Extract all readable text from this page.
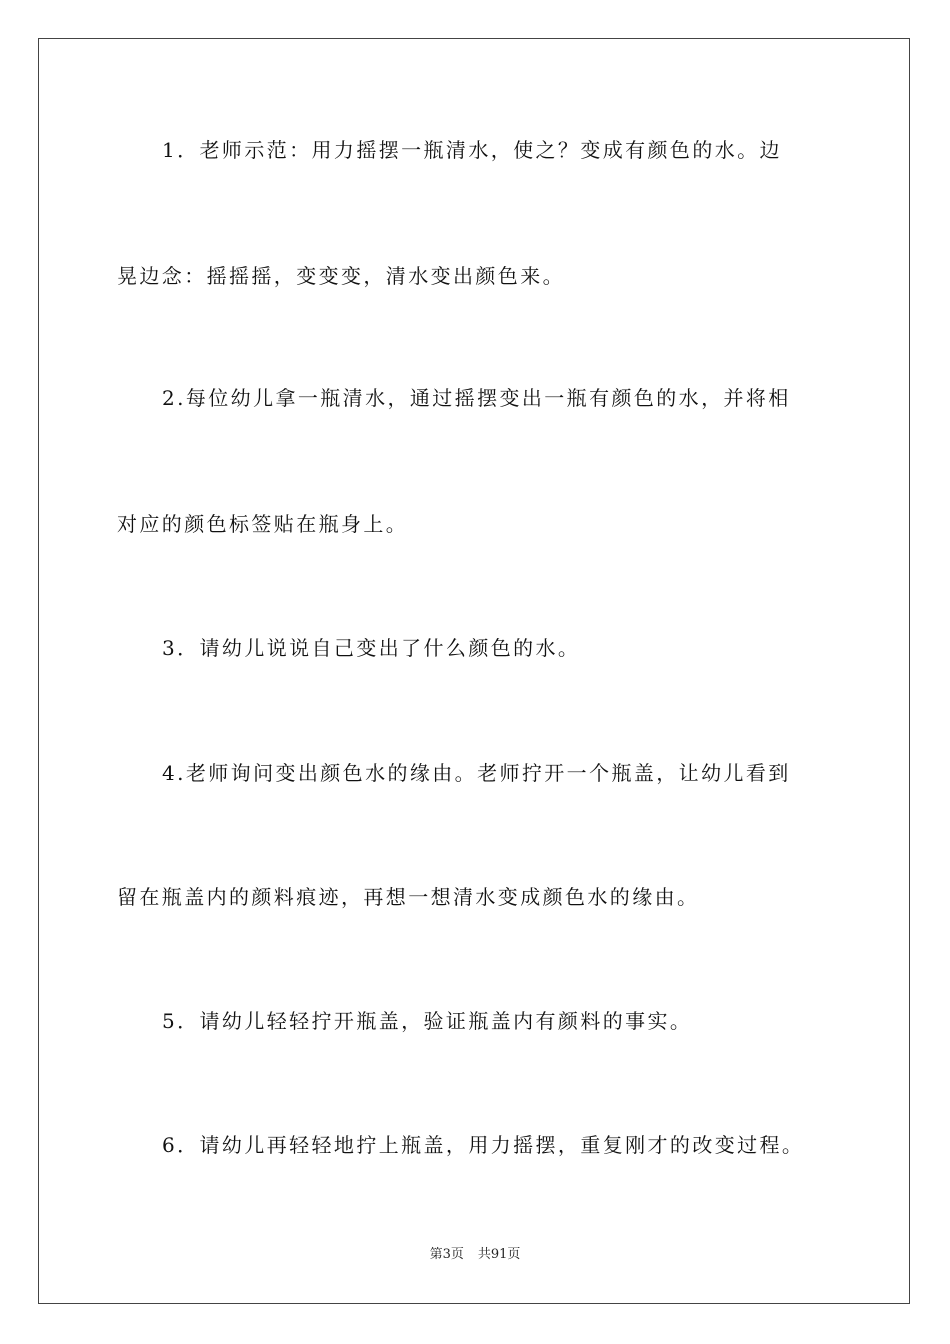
1．老师示范：用力摇摆一瓶清水，使之？变成有颜色的水。边
晃边念：摇摇摇，变变变，清水变出颜色来。
2.每位幼儿拿一瓶清水，通过摇摆变出一瓶有颜色的水，并将相
对应的颜色标签贴在瓶身上。
3．请幼儿说说自己变出了什么颜色的水。
4.老师询问变出颜色水的缘由。老师拧开一个瓶盖，让幼儿看到
留在瓶盖内的颜料痕迹，再想一想清水变成颜色水的缘由。
5．请幼儿轻轻拧开瓶盖，验证瓶盖内有颜料的事实。
6．请幼儿再轻轻地拧上瓶盖，用力摇摆，重复刚才的改变过程。
第3页 共91页
